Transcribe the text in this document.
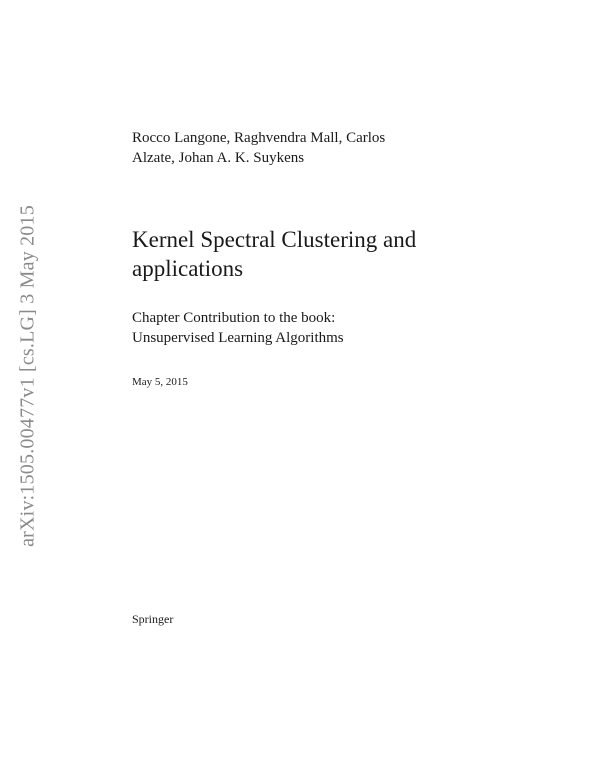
arXiv:1505.00477v1 [cs.LG] 3 May 2015
Rocco Langone, Raghvendra Mall, Carlos
Alzate, Johan A. K. Suykens
Kernel Spectral Clustering and
applications
Chapter Contribution to the book:
Unsupervised Learning Algorithms
May 5, 2015
Springer
